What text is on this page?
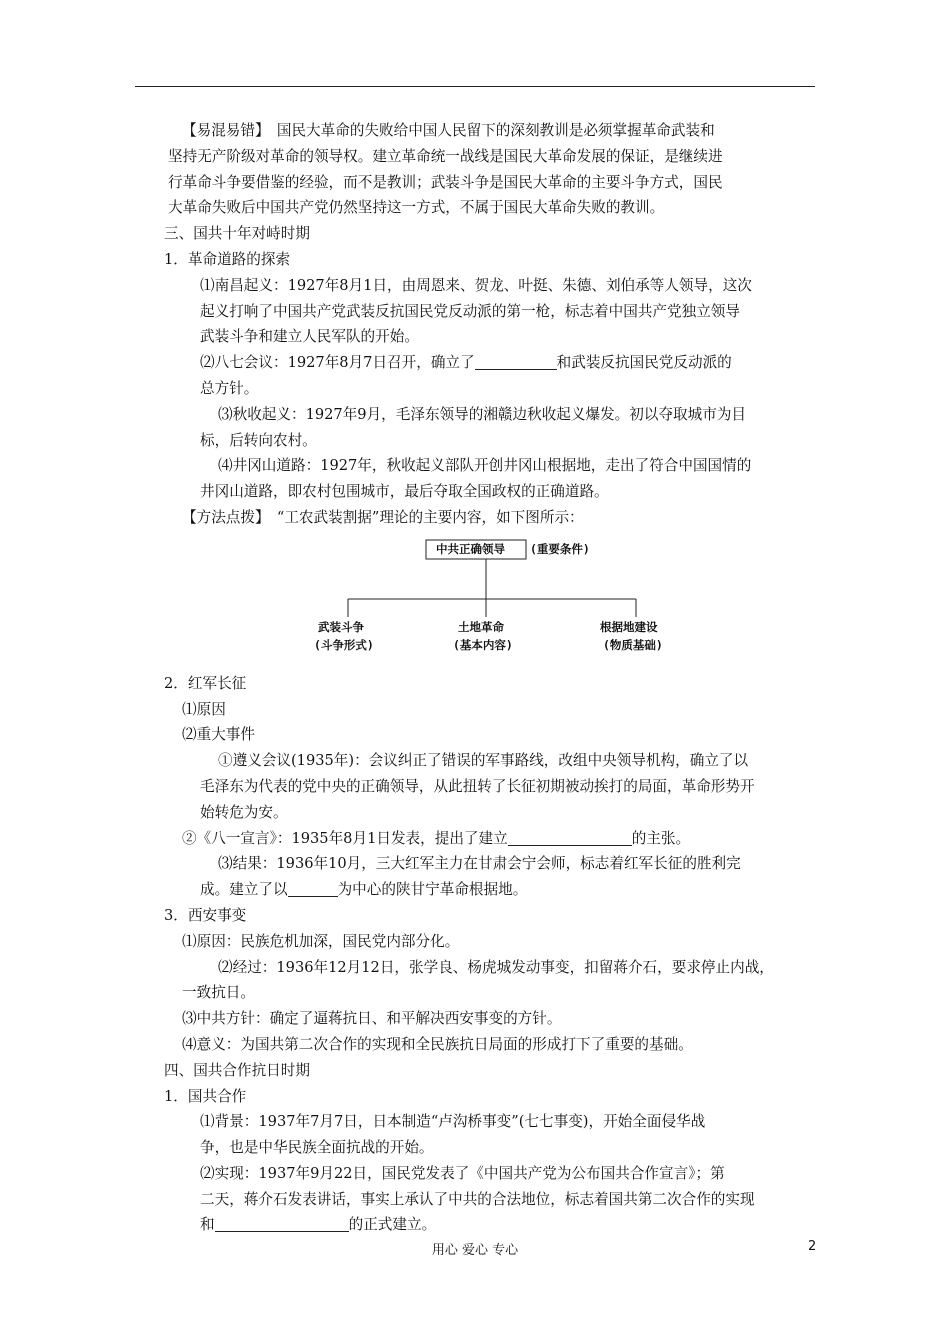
【易混易错】　国民大革命的失败给中国人民留下的深刻教训是必须掌握革命武装和
坚持无产阶级对革命的领导权。建立革命统一战线是国民大革命发展的保证，是继续进
行革命斗争要借鉴的经验，而不是教训；武装斗争是国民大革命的主要斗争方式，国民
大革命失败后中国共产党仍然坚持这一方式，不属于国民大革命失败的教训。
三、国共十年对峙时期
1．革命道路的探索
⑴南昌起义：1927年8月1日，由周恩来、贺龙、叶挺、朱德、刘伯承等人领导，这次
起义打响了中国共产党武装反抗国民党反动派的第一枪，标志着中国共产党独立领导
武装斗争和建立人民军队的开始。
⑵八七会议：1927年8月7日召开，确立了	和武装反抗国民党反动派的
总方针。
⑶秋收起义：1927年9月，毛泽东领导的湘赣边秋收起义爆发。初以夺取城市为目
标，后转向农村。
⑷井冈山道路：1927年，秋收起义部队开创井冈山根据地，走出了符合中国国情的
井冈山道路，即农村包围城市，最后夺取全国政权的正确道路。
【方法点拨】　“工农武装割据”理论的主要内容，如下图所示：
中共正确领导 (重要条件)
武装斗争
(斗争形式)
土地革命
(基本内容)
根据地建设
(物质基础)
2．红军长征
⑴原因
⑵重大事件
①遵义会议(1935年)：会议纠正了错误的军事路线，改组中央领导机构，确立了以
毛泽东为代表的党中央的正确领导，从此扭转了长征初期被动挨打的局面，革命形势开
始转危为安。
②《八一宣言》：1935年8月1日发表，提出了建立	的主张。
⑶结果：1936年10月，三大红军主力在甘肃会宁会师，标志着红军长征的胜利完
成。建立了以	为中心的陕甘宁革命根据地。
3．西安事变
⑴原因：民族危机加深，国民党内部分化。
⑵经过：1936年12月12日，张学良、杨虎城发动事变，扣留蒋介石，要求停止内战，
一致抗日。
⑶中共方针：确定了逼蒋抗日、和平解决西安事变的方针。
⑷意义：为国共第二次合作的实现和全民族抗日局面的形成打下了重要的基础。
四、国共合作抗日时期
1．国共合作
⑴背景：1937年7月7日，日本制造“卢沟桥事变”(七七事变)，开始全面侵华战
争，也是中华民族全面抗战的开始。
⑵实现：1937年9月22日，国民党发表了《中国共产党为公布国共合作宣言》；第
二天，蒋介石发表讲话，事实上承认了中共的合法地位，标志着国共第二次合作的实现
和	的正式建立。
用心 爱心 专心	2
